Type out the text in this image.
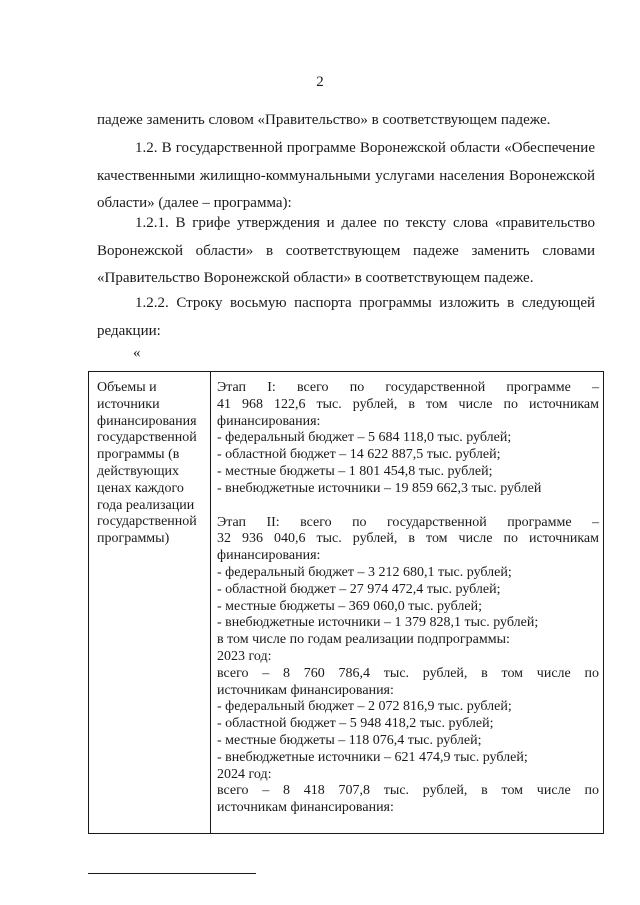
2

падеже заменить словом «Правительство» в соответствующем падеже.

1.2. В государственной программе Воронежской области «Обеспечение качественными жилищно-коммунальными услугами населения Воронежской области» (далее – программа):

1.2.1. В грифе утверждения и далее по тексту слова «правительство Воронежской области» в соответствующем падеже заменить словами «Правительство Воронежской области» в соответствующем падеже.

1.2.2. Строку восьмую паспорта программы изложить в следующей редакции:

«
Объемы и источники финансирования государственной программы (в действующих ценах каждого года реализации государственной программы)
Этап I: всего по государственной программе –
41 968 122,6 тыс. рублей, в том числе по источникам
финансирования:
- федеральный бюджет – 5 684 118,0 тыс. рублей;
- областной бюджет – 14 622 887,5 тыс. рублей;
- местные бюджеты – 1 801 454,8 тыс. рублей;
- внебюджетные источники – 19 859 662,3 тыс. рублей
Этап II: всего по государственной программе –
32 936 040,6 тыс. рублей, в том числе по источникам
финансирования:
- федеральный бюджет – 3 212 680,1 тыс. рублей;
- областной бюджет – 27 974 472,4 тыс. рублей;
- местные бюджеты – 369 060,0 тыс. рублей;
- внебюджетные источники – 1 379 828,1 тыс. рублей;
в том числе по годам реализации подпрограммы:
2023 год:
всего – 8 760 786,4 тыс. рублей, в том числе по
источникам финансирования:
- федеральный бюджет – 2 072 816,9 тыс. рублей;
- областной бюджет – 5 948 418,2 тыс. рублей;
- местные бюджеты – 118 076,4 тыс. рублей;
- внебюджетные источники – 621 474,9 тыс. рублей;
2024 год:
всего – 8 418 707,8 тыс. рублей, в том числе по
источникам финансирования:
